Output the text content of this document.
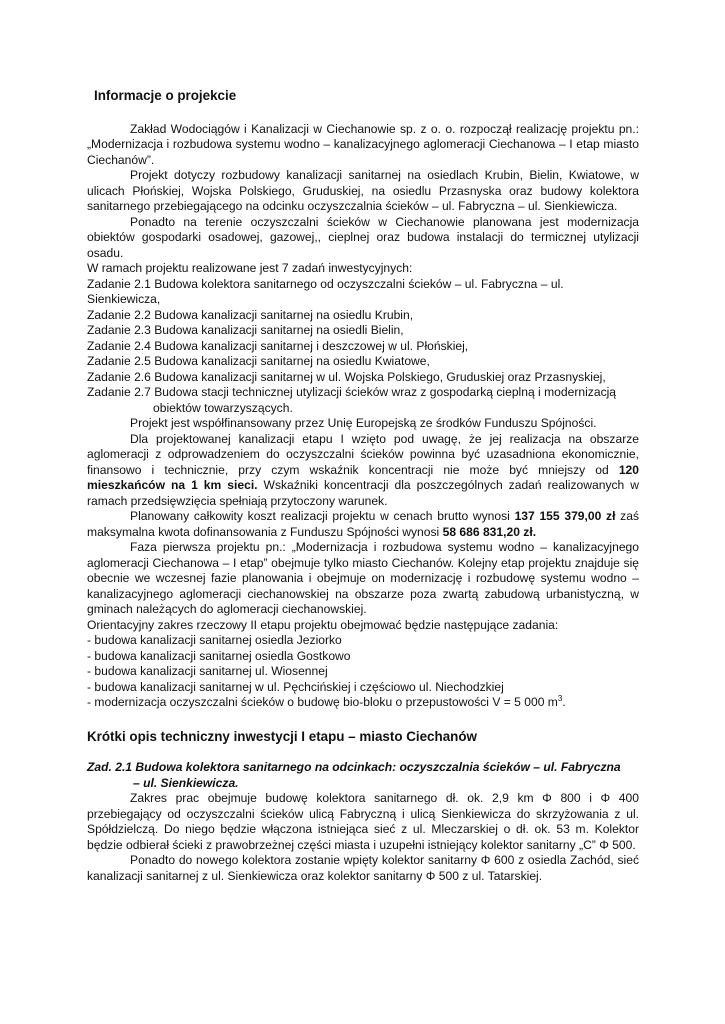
Informacje o projekcie

Zakład Wodociągów i Kanalizacji w Ciechanowie sp. z o. o. rozpoczął realizację projektu pn.: „Modernizacja i rozbudowa systemu wodno – kanalizacyjnego aglomeracji Ciechanowa – I etap miasto Ciechanów”.

Projekt dotyczy rozbudowy kanalizacji sanitarnej na osiedlach Krubin, Bielin, Kwiatowe, w ulicach Płońskiej, Wojska Polskiego, Gruduskiej, na osiedlu Przasnyska oraz budowy kolektora sanitarnego przebiegającego na odcinku oczyszczalnia ścieków – ul. Fabryczna – ul. Sienkiewicza.

Ponadto na terenie oczyszczalni ścieków w Ciechanowie planowana jest modernizacja obiektów gospodarki osadowej, gazowej,, cieplnej oraz budowa instalacji do termicznej utylizacji osadu.

W ramach projektu realizowane jest 7 zadań inwestycyjnych:
Zadanie 2.1 Budowa kolektora sanitarnego od oczyszczalni ścieków – ul. Fabryczna – ul. Sienkiewicza,
Zadanie 2.2 Budowa kanalizacji sanitarnej na osiedlu Krubin,
Zadanie 2.3 Budowa kanalizacji sanitarnej na osiedli Bielin,
Zadanie 2.4 Budowa kanalizacji sanitarnej i deszczowej w ul. Płońskiej,
Zadanie 2.5 Budowa kanalizacji sanitarnej na osiedlu Kwiatowe,
Zadanie 2.6 Budowa kanalizacji sanitarnej w ul. Wojska Polskiego, Gruduskiej oraz Przasnyskiej,
Zadanie 2.7 Budowa stacji technicznej utylizacji ścieków wraz z gospodarką cieplną i modernizacją
obiektów towarzyszących.

Projekt jest współfinansowany przez Unię Europejską ze środków Funduszu Spójności.

Dla projektowanej kanalizacji etapu I wzięto pod uwagę, że jej realizacja na obszarze aglomeracji z odprowadzeniem do oczyszczalni ścieków powinna być uzasadniona ekonomicznie, finansowo i technicznie, przy czym wskaźnik koncentracji nie może być mniejszy od 120 mieszkańców na 1 km sieci. Wskaźniki koncentracji dla poszczególnych zadań realizowanych w ramach przedsięwzięcia spełniają przytoczony warunek.

Planowany całkowity koszt realizacji projektu w cenach brutto wynosi 137 155 379,00 zł zaś maksymalna kwota dofinansowania z Funduszu Spójności wynosi 58 686 831,20 zł.

Faza pierwsza projektu pn.: „Modernizacja i rozbudowa systemu wodno – kanalizacyjnego aglomeracji Ciechanowa – I etap” obejmuje tylko miasto Ciechanów. Kolejny etap projektu znajduje się obecnie we wczesnej fazie planowania i obejmuje on modernizację i rozbudowę systemu wodno – kanalizacyjnego aglomeracji ciechanowskiej na obszarze poza zwartą zabudową urbanistyczną, w gminach należących do aglomeracji ciechanowskiej.

Orientacyjny zakres rzeczowy II etapu projektu obejmować będzie następujące zadania:
- budowa kanalizacji sanitarnej osiedla Jeziorko
- budowa kanalizacji sanitarnej osiedla Gostkowo
- budowa kanalizacji sanitarnej ul. Wiosennej
- budowa kanalizacji sanitarnej w ul. Pęchcińskiej i częściowo ul. Niechodzkiej
- modernizacja oczyszczalni ścieków o budowę bio-bloku o przepustowości V = 5 000 $m^3$.
Krótki opis techniczny inwestycji I etapu – miasto Ciechanów
Zad. 2.1 Budowa kolektora sanitarnego na odcinkach: oczyszczalnia ścieków – ul. Fabryczna
– ul. Sienkiewicza.

Zakres prac obejmuje budowę kolektora sanitarnego dł. ok. 2,9 km Φ 800 i Φ 400 przebiegający od oczyszczalni ścieków ulicą Fabryczną i ulicą Sienkiewicza do skrzyżowania z ul. Spółdzielczą. Do niego będzie włączona istniejąca sieć z ul. Mleczarskiej o dł. ok. 53 m. Kolektor będzie odbierał ścieki z prawobrzeżnej części miasta i uzupełni istniejący kolektor sanitarny „C” Φ 500.

Ponadto do nowego kolektora zostanie wpięty kolektor sanitarny Φ 600 z osiedla Zachód, sieć kanalizacji sanitarnej z ul. Sienkiewicza oraz kolektor sanitarny Φ 500 z ul. Tatarskiej.
